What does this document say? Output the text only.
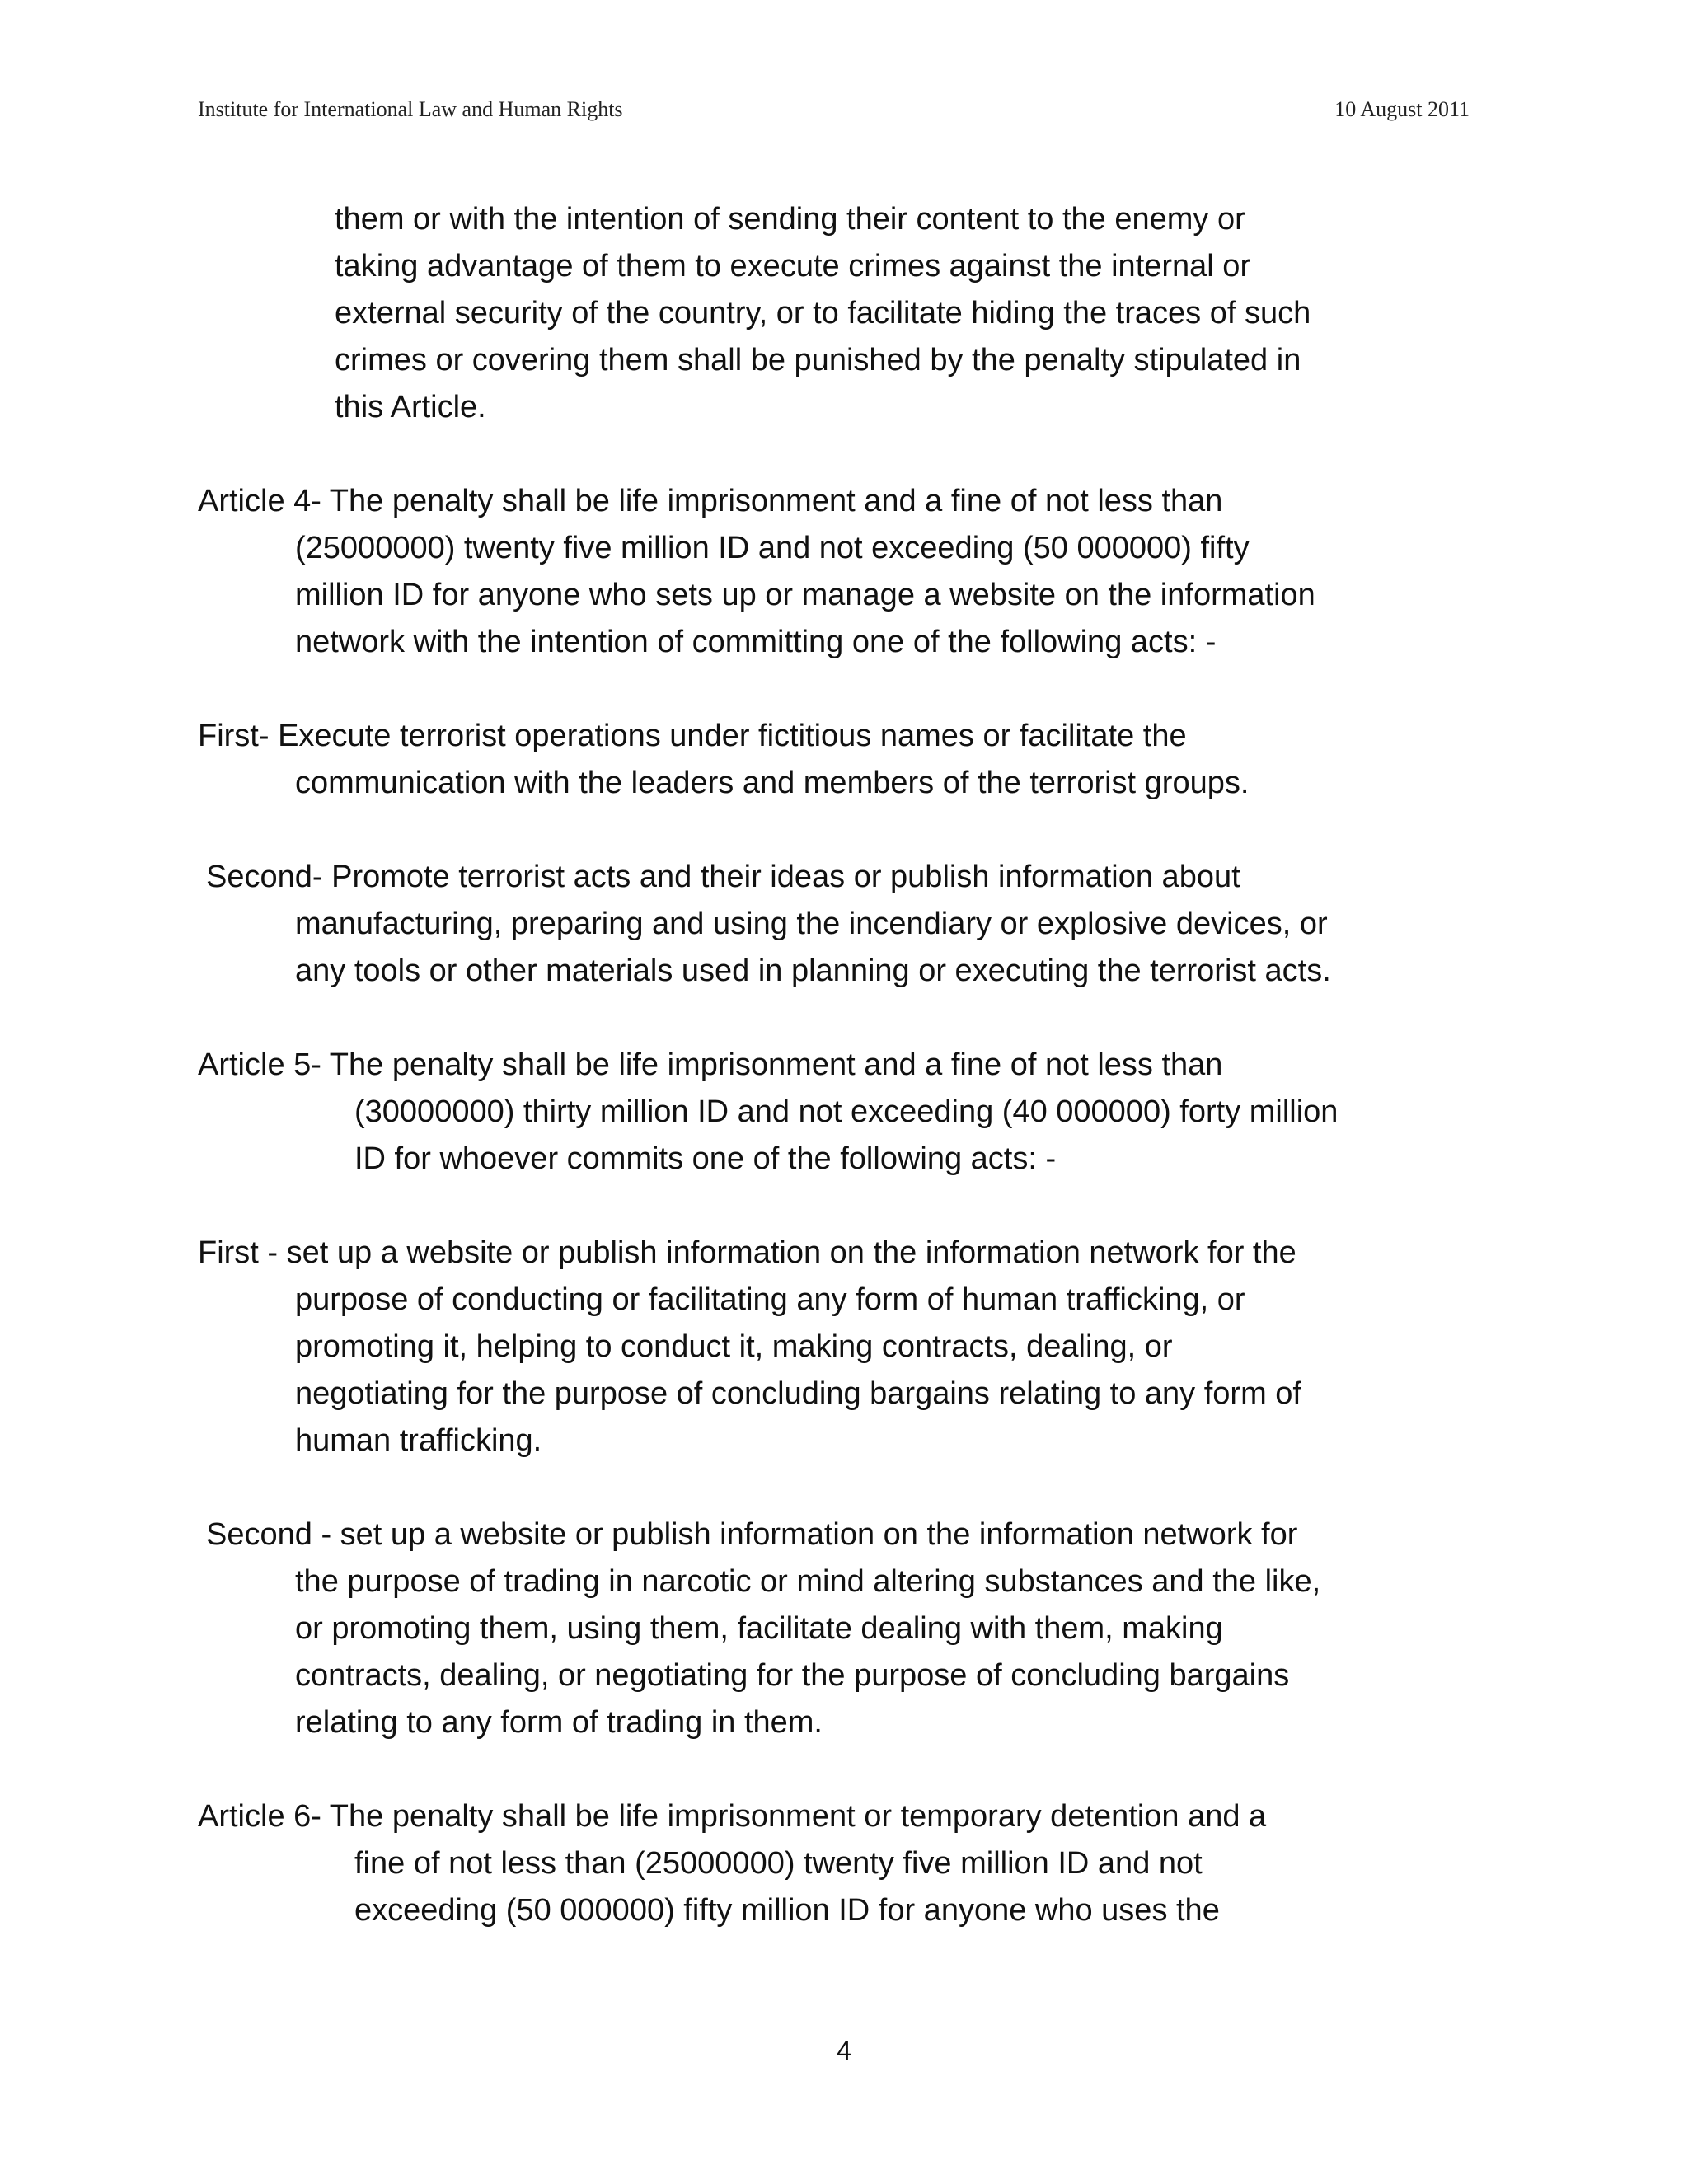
Institute for International Law and Human Rights	10 August 2011
them or with the intention of sending their content to the enemy or
taking advantage of them to execute crimes against the internal or
external security of the country, or to facilitate hiding the traces of such
crimes or covering them shall be punished by the penalty stipulated in
this Article.
Article 4- The penalty shall be life imprisonment and a fine of not less than
(25000000) twenty five million ID and not exceeding (50 000000) fifty
million ID for anyone who sets up or manage a website on the information
network with the intention of committing one of the following acts: -
First- Execute terrorist operations under fictitious names or facilitate the
communication with the leaders and members of the terrorist groups.
Second- Promote terrorist acts and their ideas or publish information about
manufacturing, preparing and using the incendiary or explosive devices, or
any tools or other materials used in planning or executing the terrorist acts.
Article 5- The penalty shall be life imprisonment and a fine of not less than
(30000000) thirty million ID and not exceeding (40 000000) forty million
ID for whoever commits one of the following acts: -
First - set up a website or publish information on the information network for the
purpose of conducting or facilitating any form of human trafficking, or
promoting it, helping to conduct it, making contracts, dealing, or
negotiating for the purpose of concluding bargains relating to any form of
human trafficking.
Second - set up a website or publish information on the information network for
the purpose of trading in narcotic or mind altering substances and the like,
or promoting them, using them, facilitate dealing with them, making
contracts, dealing, or negotiating for the purpose of concluding bargains
relating to any form of trading in them.
Article 6- The penalty shall be life imprisonment or temporary detention and a
fine of not less than (25000000) twenty five million ID and not
exceeding (50 000000) fifty million ID for anyone who uses the
4
